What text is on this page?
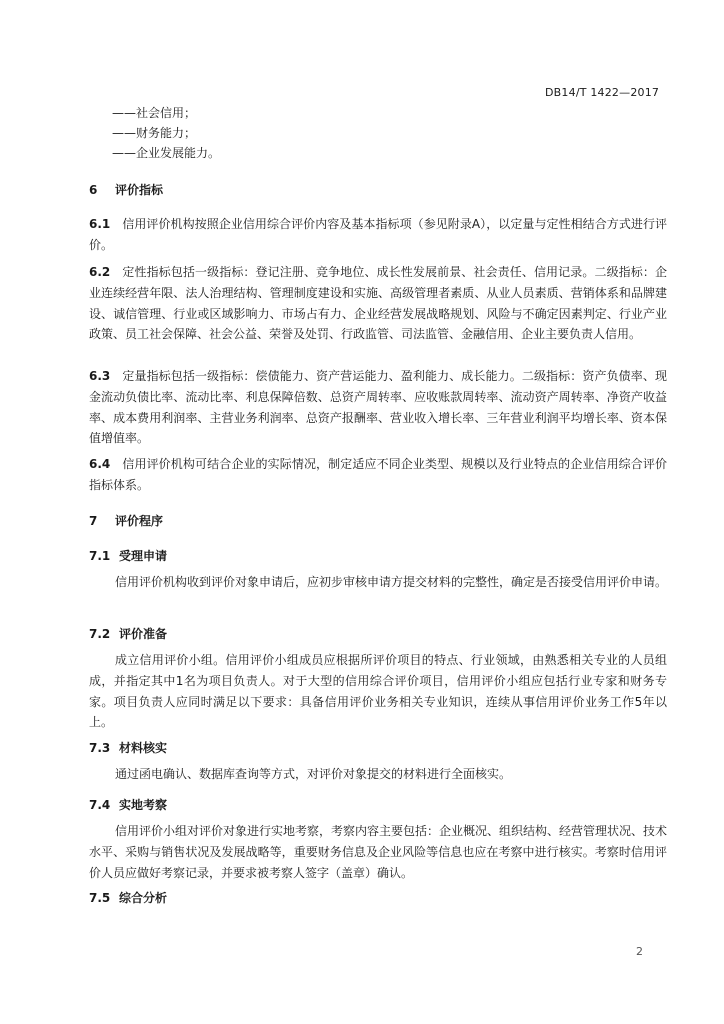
DB14/T 1422—2017
——社会信用；
——财务能力；
——企业发展能力。
6 评价指标
6.1 信用评价机构按照企业信用综合评价内容及基本指标项（参见附录A），以定量与定性相结合方式进行评价。
6.2 定性指标包括一级指标：登记注册、竞争地位、成长性发展前景、社会责任、信用记录。二级指标：企业连续经营年限、法人治理结构、管理制度建设和实施、高级管理者素质、从业人员素质、营销体系和品牌建设、诚信管理、行业或区域影响力、市场占有力、企业经营发展战略规划、风险与不确定因素判定、行业产业政策、员工社会保障、社会公益、荣誉及处罚、行政监管、司法监管、金融信用、企业主要负责人信用。
6.3 定量指标包括一级指标：偿债能力、资产营运能力、盈利能力、成长能力。二级指标：资产负债率、现金流动负债比率、流动比率、利息保障倍数、总资产周转率、应收账款周转率、流动资产周转率、净资产收益率、成本费用利润率、主营业务利润率、总资产报酬率、营业收入增长率、三年营业利润平均增长率、资本保值增值率。
6.4 信用评价机构可结合企业的实际情况，制定适应不同企业类型、规模以及行业特点的企业信用综合评价指标体系。
7 评价程序
7.1 受理申请
信用评价机构收到评价对象申请后，应初步审核申请方提交材料的完整性，确定是否接受信用评价申请。
7.2 评价准备
成立信用评价小组。信用评价小组成员应根据所评价项目的特点、行业领域，由熟悉相关专业的人员组成，并指定其中1名为项目负责人。对于大型的信用综合评价项目，信用评价小组应包括行业专家和财务专家。项目负责人应同时满足以下要求：具备信用评价业务相关专业知识，连续从事信用评价业务工作5年以上。
7.3 材料核实
通过函电确认、数据库查询等方式，对评价对象提交的材料进行全面核实。
7.4 实地考察
信用评价小组对评价对象进行实地考察，考察内容主要包括：企业概况、组织结构、经营管理状况、技术水平、采购与销售状况及发展战略等，重要财务信息及企业风险等信息也应在考察中进行核实。考察时信用评价人员应做好考察记录，并要求被考察人签字（盖章）确认。
7.5 综合分析
2
